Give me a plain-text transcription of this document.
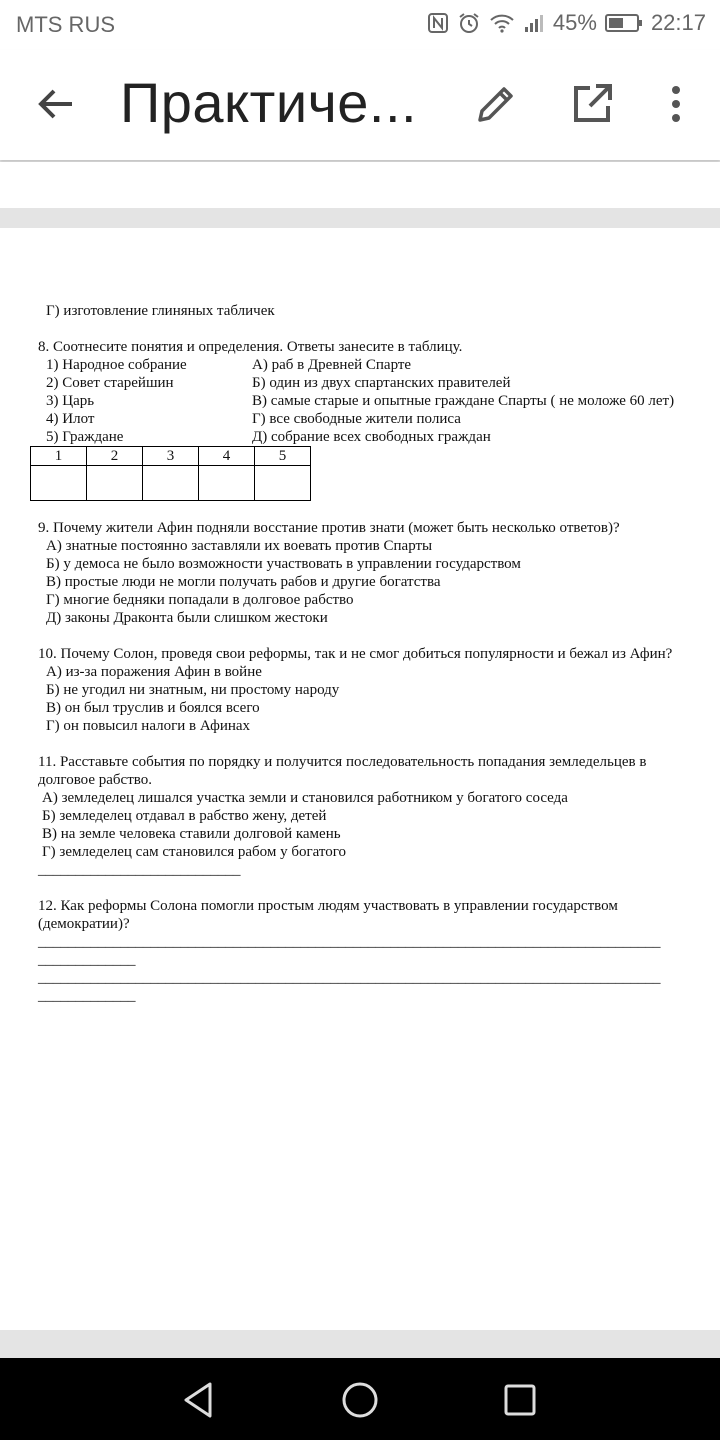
MTS RUS	45% 22:17
Практиче...

Г) изготовление глиняных табличек

8. Соотнесите понятия и определения. Ответы занесите в таблицу.

1) Народное собрание	А) раб в Древней Спарте
2) Совет старейшин	Б) один из двух спартанских правителей
3) Царь	В) самые старые и опытные граждане Спарты ( не моложе 60 лет)
4) Илот	Г) все свободные жители полиса
5) Граждане	Д) собрание всех свободных граждан
1	2	3	4	5

9. Почему жители Афин подняли восстание против знати (может быть несколько ответов)?

А) знатные постоянно заставляли их воевать против Спарты

Б) у демоса не было возможности участвовать в управлении государством

В) простые люди не могли получать рабов и другие богатства

Г) многие бедняки попадали в долговое рабство

Д) законы Драконта были слишком жестоки

10. Почему Солон, проведя свои реформы, так и не смог добиться популярности и бежал из Афин?

А) из-за поражения Афин в войне

Б) не угодил ни знатным, ни простому народу

В) он был труслив и боялся всего

Г) он повысил налоги в Афинах

11. Расставьте события по порядку и получится последовательность попадания земледельцев в

долговое рабство.

А) земледелец лишался участка земли и становился работником у богатого соседа

Б) земледелец отдавал в рабство жену, детей

В) на земле человека ставили долговой камень

Г) земледелец сам становился рабом у богатого

___________________________

12. Как реформы Солона помогли простым людям участвовать в управлении государством

(демократии)?

___________________________________________________________________________________

_____________

___________________________________________________________________________________

_____________
